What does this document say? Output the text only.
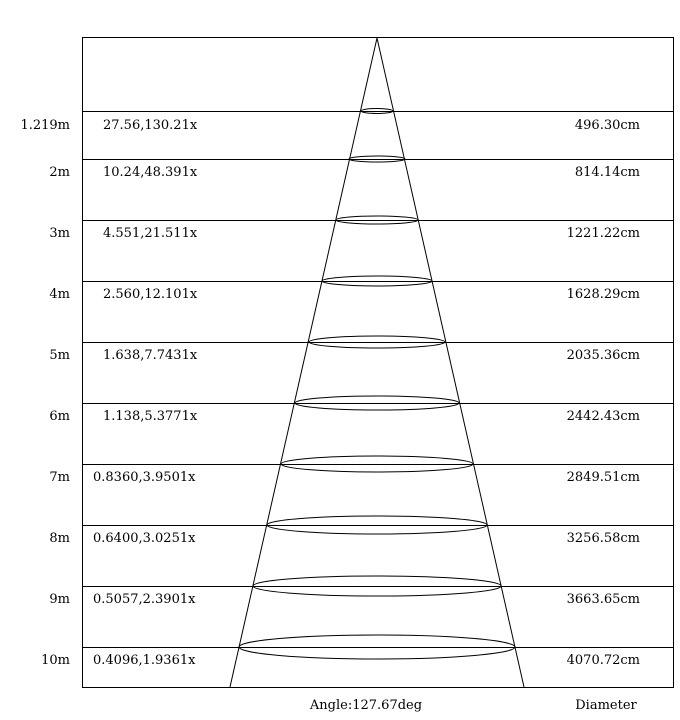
1.219m	27.56,130.21x	496.30cm
2m	10.24,48.391x	814.14cm
3m	4.551,21.511x	1221.22cm
4m	2.560,12.101x	1628.29cm
5m	1.638,7.7431x	2035.36cm
6m	1.138,5.3771x	2442.43cm
7m 0.8360,3.9501x	2849.51cm
8m 0.6400,3.0251x	3256.58cm
9m 0.5057,2.3901x	3663.65cm
10m 0.4096,1.9361x	4070.72cm
Angle:127.67deg	Diameter
